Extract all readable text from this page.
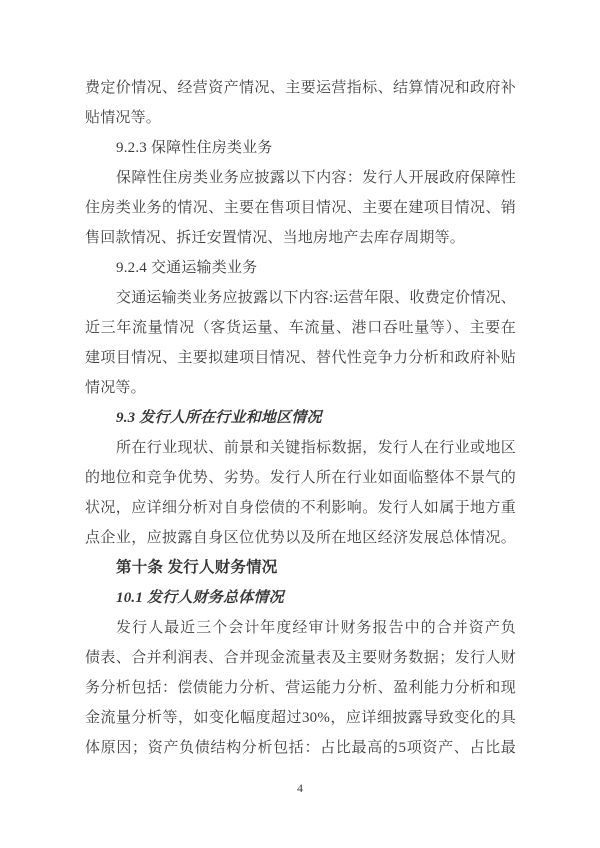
费定价情况、经营资产情况、主要运营指标、结算情况和政府补
贴情况等。
9.2.3 保障性住房类业务
保障性住房类业务应披露以下内容：发行人开展政府保障性
住房类业务的情况、主要在售项目情况、主要在建项目情况、销
售回款情况、拆迁安置情况、当地房地产去库存周期等。
9.2.4 交通运输类业务
交通运输类业务应披露以下内容:运营年限、收费定价情况、
近三年流量情况（客货运量、车流量、港口吞吐量等）、主要在
建项目情况、主要拟建项目情况、替代性竞争力分析和政府补贴
情况等。
9.3 发行人所在行业和地区情况
所在行业现状、前景和关键指标数据，发行人在行业或地区
的地位和竞争优势、劣势。发行人所在行业如面临整体不景气的
状况，应详细分析对自身偿债的不利影响。发行人如属于地方重
点企业，应披露自身区位优势以及所在地区经济发展总体情况。
第十条 发行人财务情况
10.1 发行人财务总体情况
发行人最近三个会计年度经审计财务报告中的合并资产负
债表、合并利润表、合并现金流量表及主要财务数据；发行人财
务分析包括：偿债能力分析、营运能力分析、盈利能力分析和现
金流量分析等，如变化幅度超过30%，应详细披露导致变化的具
体原因；资产负债结构分析包括：占比最高的5项资产、占比最
4
